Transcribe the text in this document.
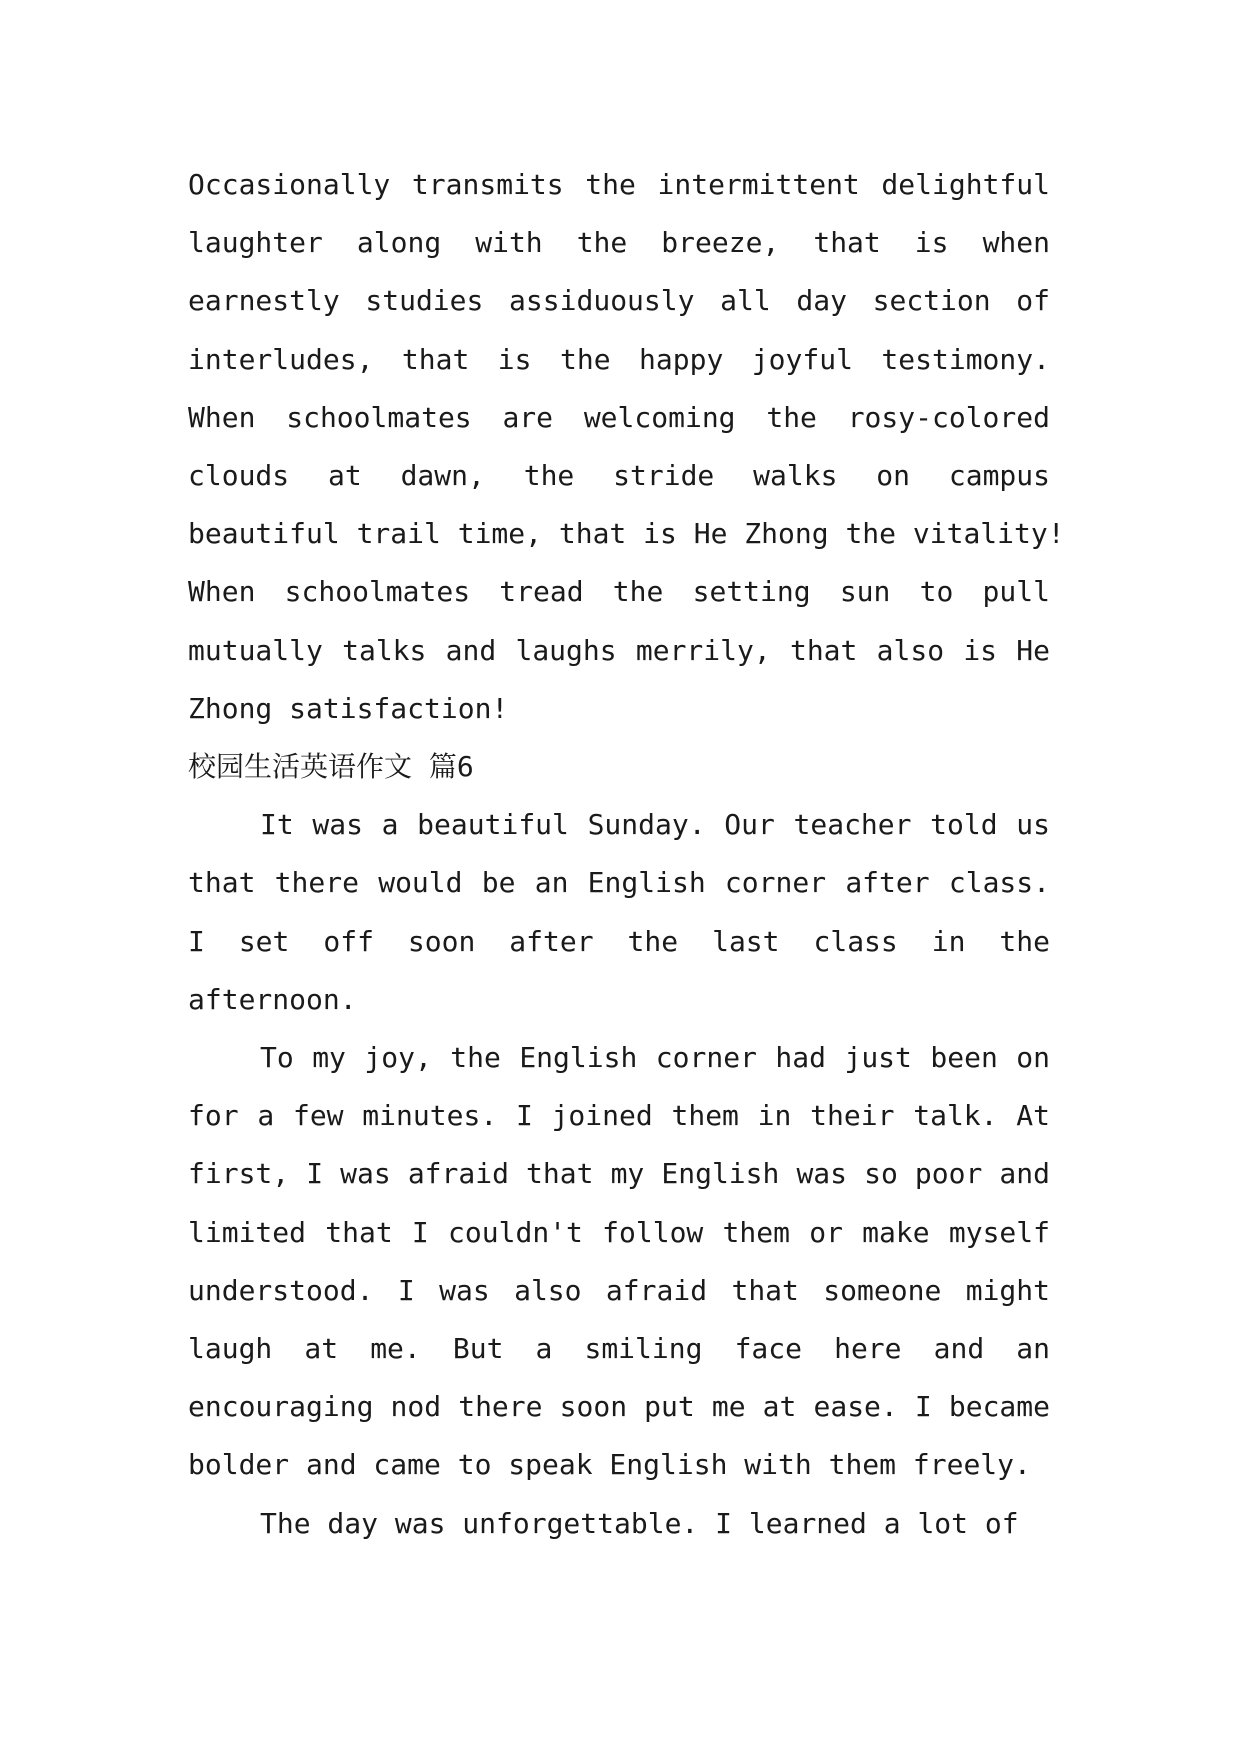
Occasionally transmits the intermittent delightful laughter along with the breeze, that is when earnestly studies assiduously all day section of interludes, that is the happy joyful testimony. When schoolmates are welcoming the rosy-colored clouds at dawn, the stride walks on campus beautiful trail time, that is He Zhong the vitality! When schoolmates tread the setting sun to pull mutually talks and laughs merrily, that also is He Zhong satisfaction!

校园生活英语作文 篇6

It was a beautiful Sunday. Our teacher told us that there would be an English corner after class. I set off soon after the last class in the afternoon.

To my joy, the English corner had just been on for a few minutes. I joined them in their talk. At first, I was afraid that my English was so poor and limited that I couldn't follow them or make myself understood. I was also afraid that someone might laugh at me. But a smiling face here and an encouraging nod there soon put me at ease. I became bolder and came to speak English with them freely.

The day was unforgettable. I learned a lot of
